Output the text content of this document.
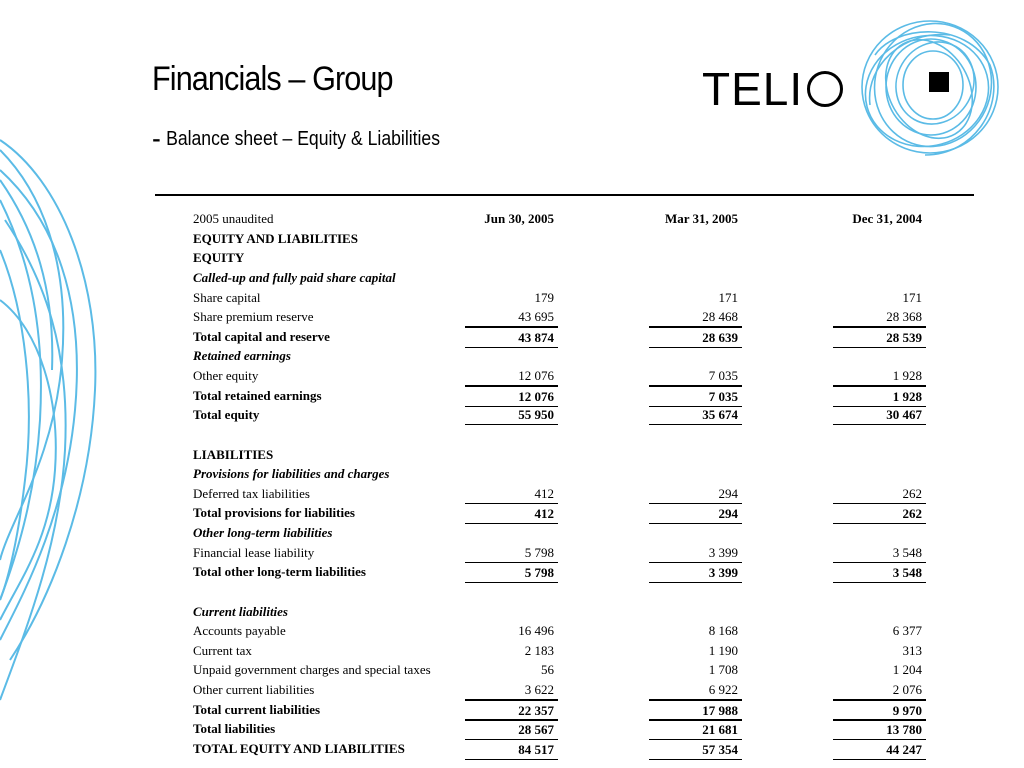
Financials – Group
- Balance sheet – Equity & Liabilities
TELI
2005 unaudited	Jun 30, 2005	Mar 31, 2005	Dec 31, 2004
EQUITY AND LIABILITIES
EQUITY
Called-up and fully paid share capital
Share capital	179	171	171
Share premium reserve	43 695	28 468	28 368
Total capital and reserve	43 874	28 639	28 539
Retained earnings
Other equity	12 076	7 035	1 928
Total retained earnings	12 076	7 035	1 928
Total equity	55 950	35 674	30 467
LIABILITIES
Provisions for liabilities and charges
Deferred tax liabilities	412	294	262
Total provisions for liabilities	412	294	262
Other long-term liabilities
Financial lease liability	5 798	3 399	3 548
Total other long-term liabilities	5 798	3 399	3 548
Current liabilities
Accounts payable	16 496	8 168	6 377
Current tax	2 183	1 190	313
Unpaid government charges and special taxes	56	1 708	1 204
Other current liabilities	3 622	6 922	2 076
Total current liabilities	22 357	17 988	9 970
Total liabilities	28 567	21 681	13 780
TOTAL EQUITY AND LIABILITIES	84 517	57 354	44 247
